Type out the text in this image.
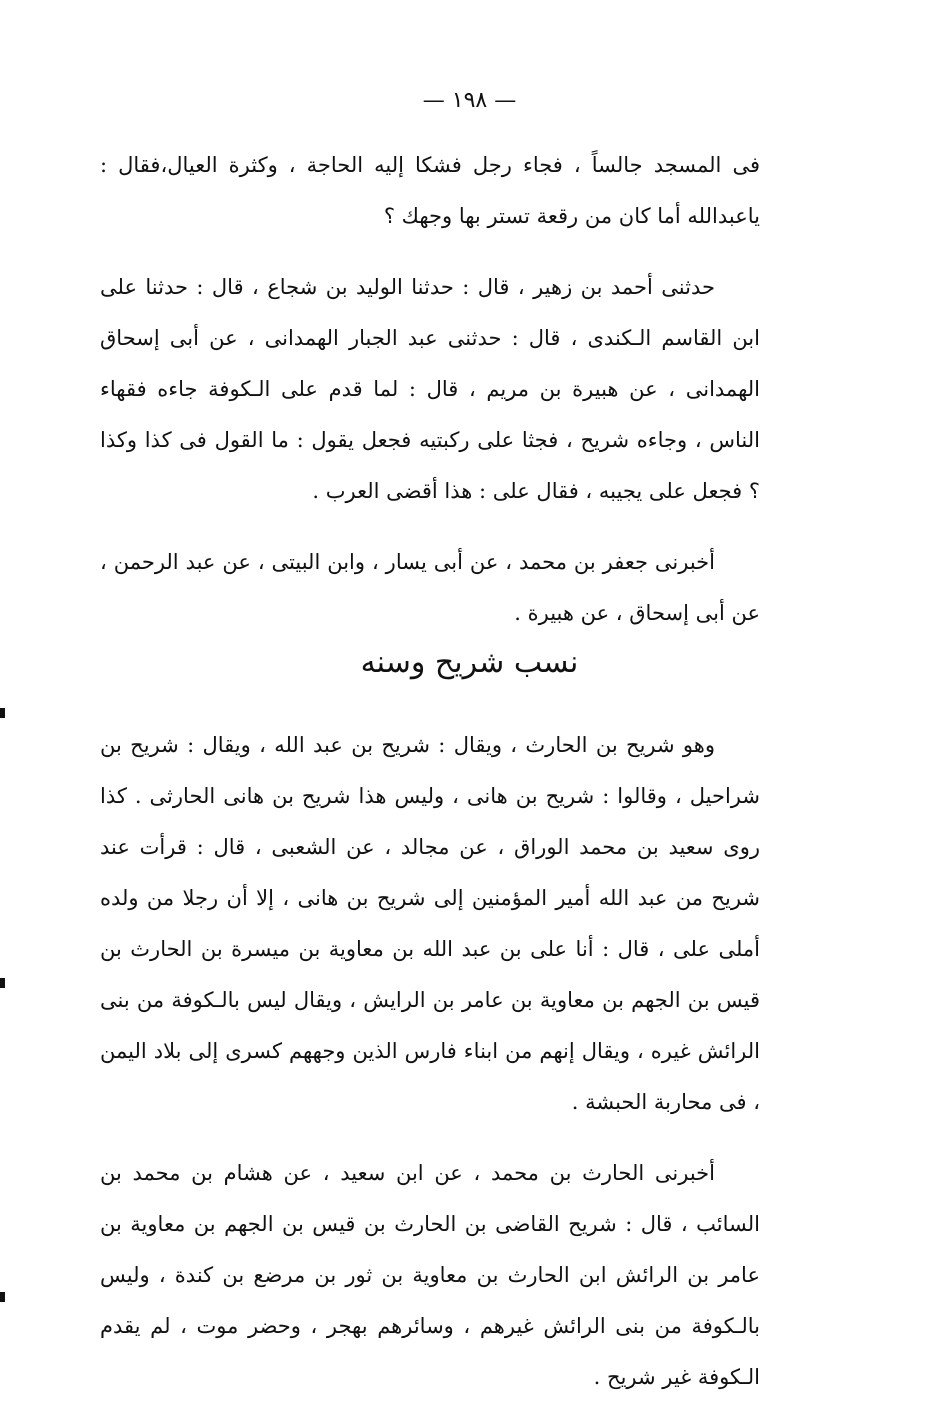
— ١٩٨ —

فى المسجد جالساً ، فجاء رجل فشكا إليه الحاجة ، وكثرة العيال،فقال : ياعبدالله أما كان من رقعة تستر بها وجهك ؟

حدثنى أحمد بن زهير ، قال : حدثنا الوليد بن شجاع ، قال : حدثنا على ابن القاسم الـكندى ، قال : حدثنى عبد الجبار الهمدانى ، عن أبى إسحاق الهمدانى ، عن هبيرة بن مريم ، قال : لما قدم على الـكوفة جاءه فقهاء الناس ، وجاءه شريح ، فجثا على ركبتيه فجعل يقول : ما القول فى كذا وكذا ؟ فجعل على يجيبه ، فقال على : هذا أقضى العرب .

أخبرنى جعفر بن محمد ، عن أبى يسار ، وابن البيتى ، عن عبد الرحمن ، عن أبى إسحاق ، عن هبيرة .

نسب شريح وسنه

وهو شريح بن الحارث ، ويقال : شريح بن عبد الله ، ويقال : شريح بن شراحيل ، وقالوا : شريح بن هانى ، وليس هذا شريح بن هانى الحارثى . كذا روى سعيد بن محمد الوراق ، عن مجالد ، عن الشعبى ، قال : قرأت عند شريح من عبد الله أمير المؤمنين إلى شريح بن هانى ، إلا أن رجلا من ولده أملى على ، قال : أنا على بن عبد الله بن معاوية بن ميسرة بن الحارث بن قيس بن الجهم بن معاوية بن عامر بن الرايش ، ويقال ليس بالـكوفة من بنى الرائش غيره ، ويقال إنهم من ابناء فارس الذين وجههم كسرى إلى بلاد اليمن ، فى محاربة الحبشة .

أخبرنى الحارث بن محمد ، عن ابن سعيد ، عن هشام بن محمد بن السائب ، قال : شريح القاضى بن الحارث بن قيس بن الجهم بن معاوية بن عامر بن الرائش ابن الحارث بن معاوية بن ثور بن مرضع بن كندة ، وليس بالـكوفة من بنى الرائش غيرهم ، وسائرهم بهجر ، وحضر موت ، لم يقدم الـكوفة غير شريح .
